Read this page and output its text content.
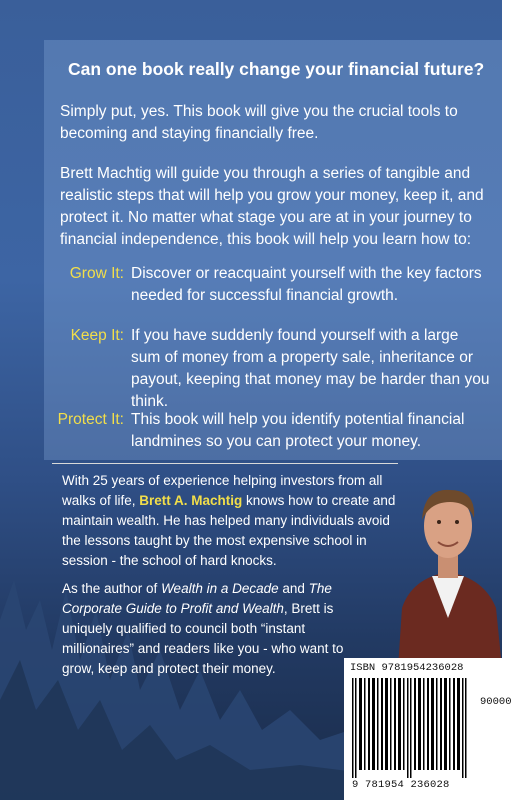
Can one book really change your financial future?

Simply put, yes. This book will give you the crucial tools to becoming and staying financially free.

Brett Machtig will guide you through a series of tangible and realistic steps that will help you grow your money, keep it, and protect it. No matter what stage you are at in your journey to financial independence, this book will help you learn how to:

Grow It: Discover or reacquaint yourself with the key factors needed for successful financial growth.
Keep It: If you have suddenly found yourself with a large sum of money from a property sale, inheritance or payout, keeping that money may be harder than you think.
Protect It: This book will help you identify potential financial landmines so you can protect your money.

With 25 years of experience helping investors from all walks of life, Brett A. Machtig knows how to create and maintain wealth. He has helped many individuals avoid the lessons taught by the most expensive school in session - the school of hard knocks.

As the author of Wealth in a Decade and The Corporate Guide to Profit and Wealth, Brett is uniquely qualified to council both “instant millionaires” and readers like you - who want to grow, keep and protect their money.	ISBN 9781954236028
90000
9 781954 236028
